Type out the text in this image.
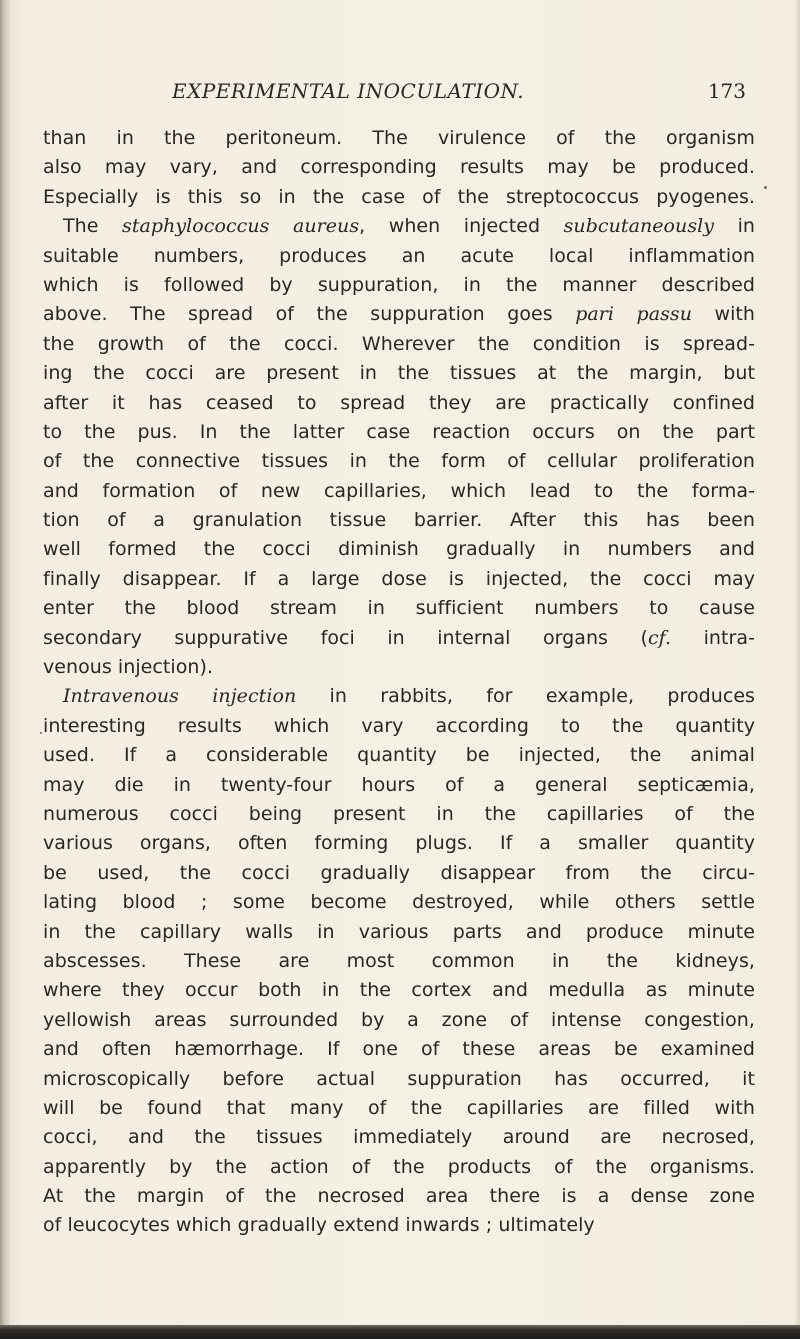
EXPERIMENTAL INOCULATION.	173
than in the peritoneum. The virulence of the organism
also may vary, and corresponding results may be produced.
Especially is this so in the case of the streptococcus pyogenes.
The staphylococcus aureus, when injected subcutaneously in
suitable numbers, produces an acute local inflammation
which is followed by suppuration, in the manner described
above. The spread of the suppuration goes pari passu with
the growth of the cocci. Wherever the condition is spread-
ing the cocci are present in the tissues at the margin, but
after it has ceased to spread they are practically confined
to the pus. In the latter case reaction occurs on the part
of the connective tissues in the form of cellular proliferation
and formation of new capillaries, which lead to the forma-
tion of a granulation tissue barrier. After this has been
well formed the cocci diminish gradually in numbers and
finally disappear. If a large dose is injected, the cocci may
enter the blood stream in sufficient numbers to cause
secondary suppurative foci in internal organs (cf. intra-
venous injection).
Intravenous injection in rabbits, for example, produces
interesting results which vary according to the quantity
used. If a considerable quantity be injected, the animal
may die in twenty-four hours of a general septicæmia,
numerous cocci being present in the capillaries of the
various organs, often forming plugs. If a smaller quantity
be used, the cocci gradually disappear from the circu-
lating blood ; some become destroyed, while others settle
in the capillary walls in various parts and produce minute
abscesses. These are most common in the kidneys,
where they occur both in the cortex and medulla as minute
yellowish areas surrounded by a zone of intense congestion,
and often hæmorrhage. If one of these areas be examined
microscopically before actual suppuration has occurred, it
will be found that many of the capillaries are filled with
cocci, and the tissues immediately around are necrosed,
apparently by the action of the products of the organisms.
At the margin of the necrosed area there is a dense zone
of leucocytes which gradually extend inwards ; ultimately
